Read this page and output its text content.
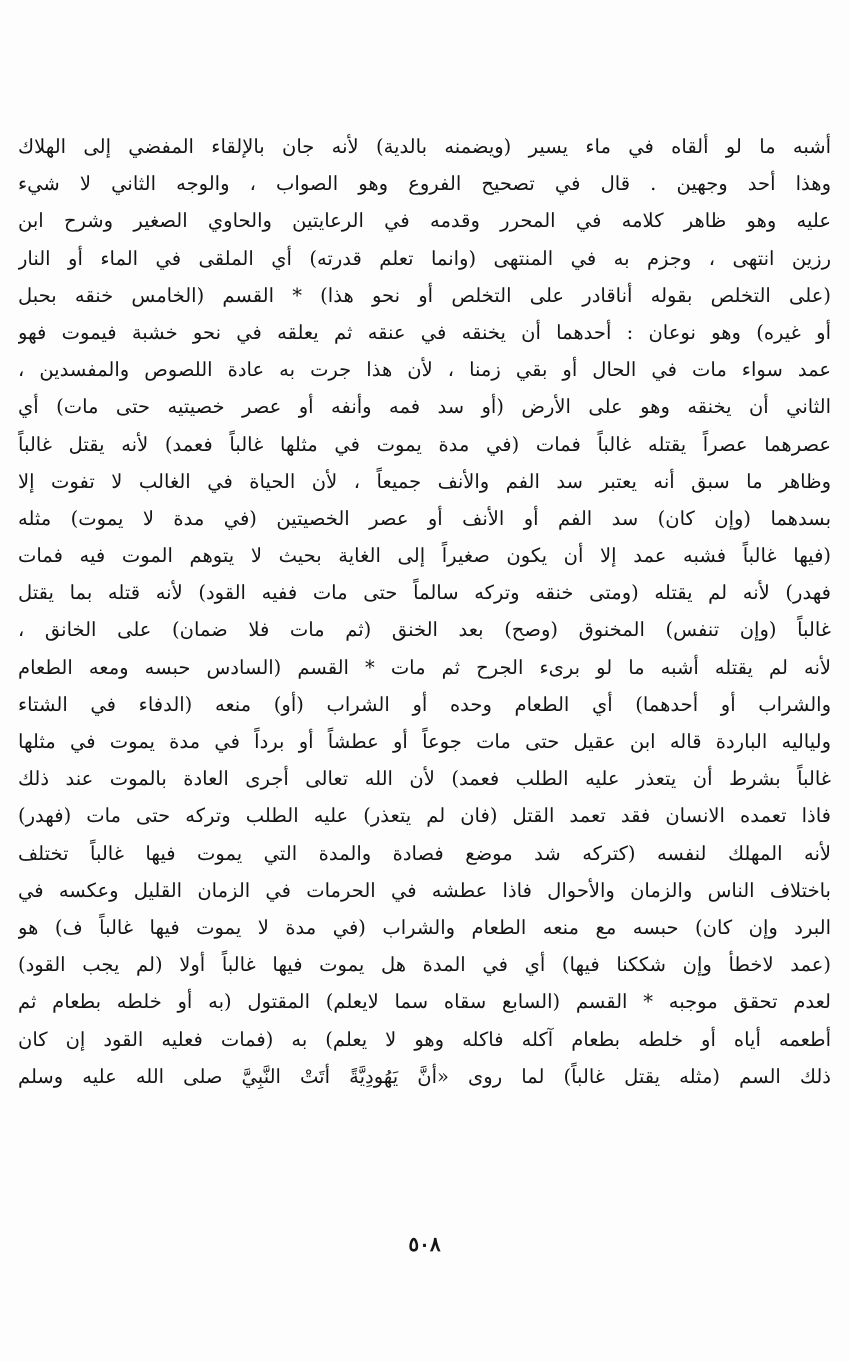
أشبه ما لو ألقاه في ماء يسير (ويضمنه بالدية) لأنه جان بالإلقاء المفضي إلى الهلاك
وهذا أحد وجهين . قال في تصحيح الفروع وهو الصواب ، والوجه الثاني لا شيء
عليه وهو ظاهر كلامه في المحرر وقدمه في الرعايتين والحاوي الصغير وشرح ابن
رزين انتهى ، وجزم به في المنتهى (وانما تعلم قدرته) أي الملقى في الماء أو النار
(على التخلص بقوله أناقادر على التخلص أو نحو هذا) * القسم (الخامس خنقه بحبل
أو غيره) وهو نوعان : أحدهما أن يخنقه في عنقه ثم يعلقه في نحو خشبة فيموت فهو
عمد سواء مات في الحال أو بقي زمنا ، لأن هذا جرت به عادة اللصوص والمفسدين ،
الثاني أن يخنقه وهو على الأرض (أو سد فمه وأنفه أو عصر خصيتيه حتى مات) أي
عصرهما عصراً يقتله غالباً فمات (في مدة يموت في مثلها غالباً فعمد) لأنه يقتل غالباً
وظاهر ما سبق أنه يعتبر سد الفم والأنف جميعاً ، لأن الحياة في الغالب لا تفوت إلا
بسدهما (وإن كان) سد الفم أو الأنف أو عصر الخصيتين (في مدة لا يموت) مثله
(فيها غالباً فشبه عمد إلا أن يكون صغيراً إلى الغاية بحيث لا يتوهم الموت فيه فمات
فهدر) لأنه لم يقتله (ومتى خنقه وتركه سالماً حتى مات ففيه القود) لأنه قتله بما يقتل
غالباً (وإن تنفس) المخنوق (وصح) بعد الخنق (ثم مات فلا ضمان) على الخانق ،
لأنه لم يقتله أشبه ما لو برىء الجرح ثم مات * القسم (السادس حبسه ومعه الطعام
والشراب أو أحدهما) أي الطعام وحده أو الشراب (أو) منعه (الدفاء في الشتاء
ولياليه الباردة قاله ابن عقيل حتى مات جوعاً أو عطشاً أو برداً في مدة يموت في مثلها
غالباً بشرط أن يتعذر عليه الطلب فعمد) لأن الله تعالى أجرى العادة بالموت عند ذلك
فاذا تعمده الانسان فقد تعمد القتل (فان لم يتعذر) عليه الطلب وتركه حتى مات (فهدر)
لأنه المهلك لنفسه (كتركه شد موضع فصادة والمدة التي يموت فيها غالباً تختلف
باختلاف الناس والزمان والأحوال فاذا عطشه في الحرمات في الزمان القليل وعكسه في
البرد وإن كان) حبسه مع منعه الطعام والشراب (في مدة لا يموت فيها غالباً ف) هو
(عمد لاخطأ وإن شككنا فيها) أي في المدة هل يموت فيها غالباً أولا (لم يجب القود)
لعدم تحقق موجبه * القسم (السابع سقاه سما لايعلم) المقتول (به أو خلطه بطعام ثم
أطعمه أياه أو خلطه بطعام آكله فاكله وهو لا يعلم) به (فمات فعليه القود إن كان
ذلك السم (مثله يقتل غالباً) لما روى «أنَّ يَهُودِيَّةً أتَتْ النَّبِيَّ صلى الله عليه وسلم
٥٠٨
